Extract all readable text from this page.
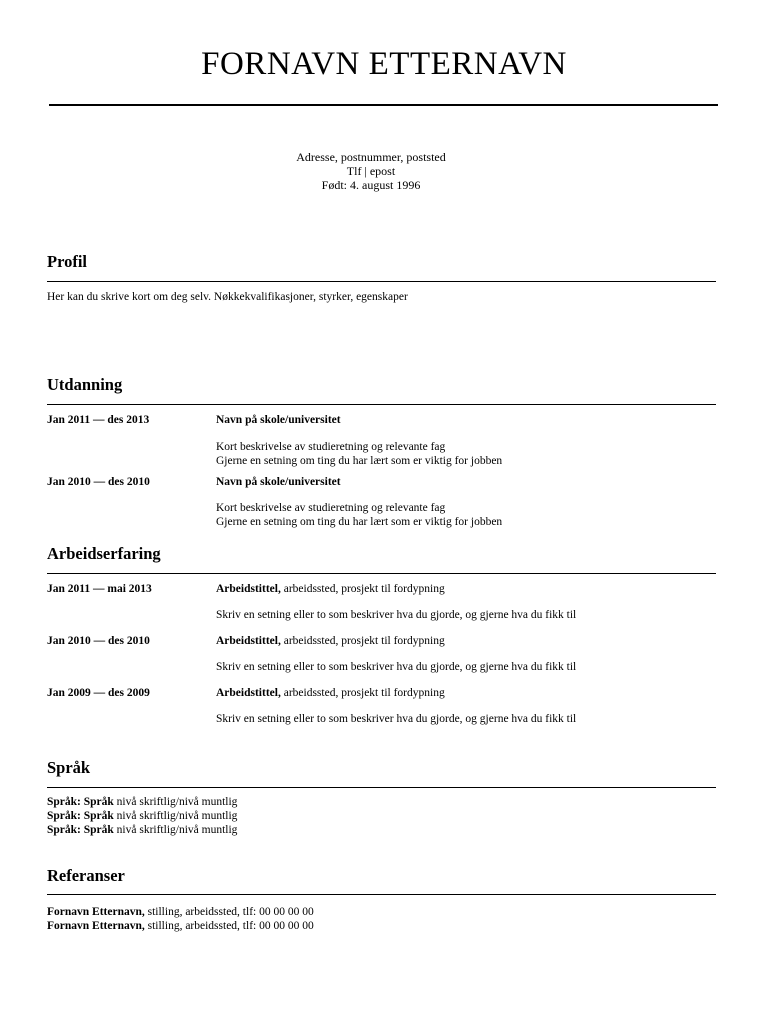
FORNAVN ETTERNAVN
Adresse, postnummer, poststed
Tlf | epost
Født: 4. august 1996
Profil
Her kan du skrive kort om deg selv. Nøkkekvalifikasjoner, styrker, egenskaper
Utdanning
Jan 2011 — des 2013	Navn på skole/universitet
Kort beskrivelse av studieretning og relevante fag
Gjerne en setning om ting du har lært som er viktig for jobben
Jan 2010 — des 2010	Navn på skole/universitet
Kort beskrivelse av studieretning og relevante fag
Gjerne en setning om ting du har lært som er viktig for jobben
Arbeidserfaring
Jan 2011 — mai 2013	Arbeidstittel, arbeidssted, prosjekt til fordypning
Skriv en setning eller to som beskriver hva du gjorde, og gjerne hva du fikk til
Jan 2010 — des 2010	Arbeidstittel, arbeidssted, prosjekt til fordypning
Skriv en setning eller to som beskriver hva du gjorde, og gjerne hva du fikk til
Jan 2009 — des 2009	Arbeidstittel, arbeidssted, prosjekt til fordypning
Skriv en setning eller to som beskriver hva du gjorde, og gjerne hva du fikk til
Språk
Språk: Språk nivå skriftlig/nivå muntlig
Språk: Språk nivå skriftlig/nivå muntlig
Språk: Språk nivå skriftlig/nivå muntlig
Referanser
Fornavn Etternavn, stilling, arbeidssted, tlf: 00 00 00 00
Fornavn Etternavn, stilling, arbeidssted, tlf: 00 00 00 00
